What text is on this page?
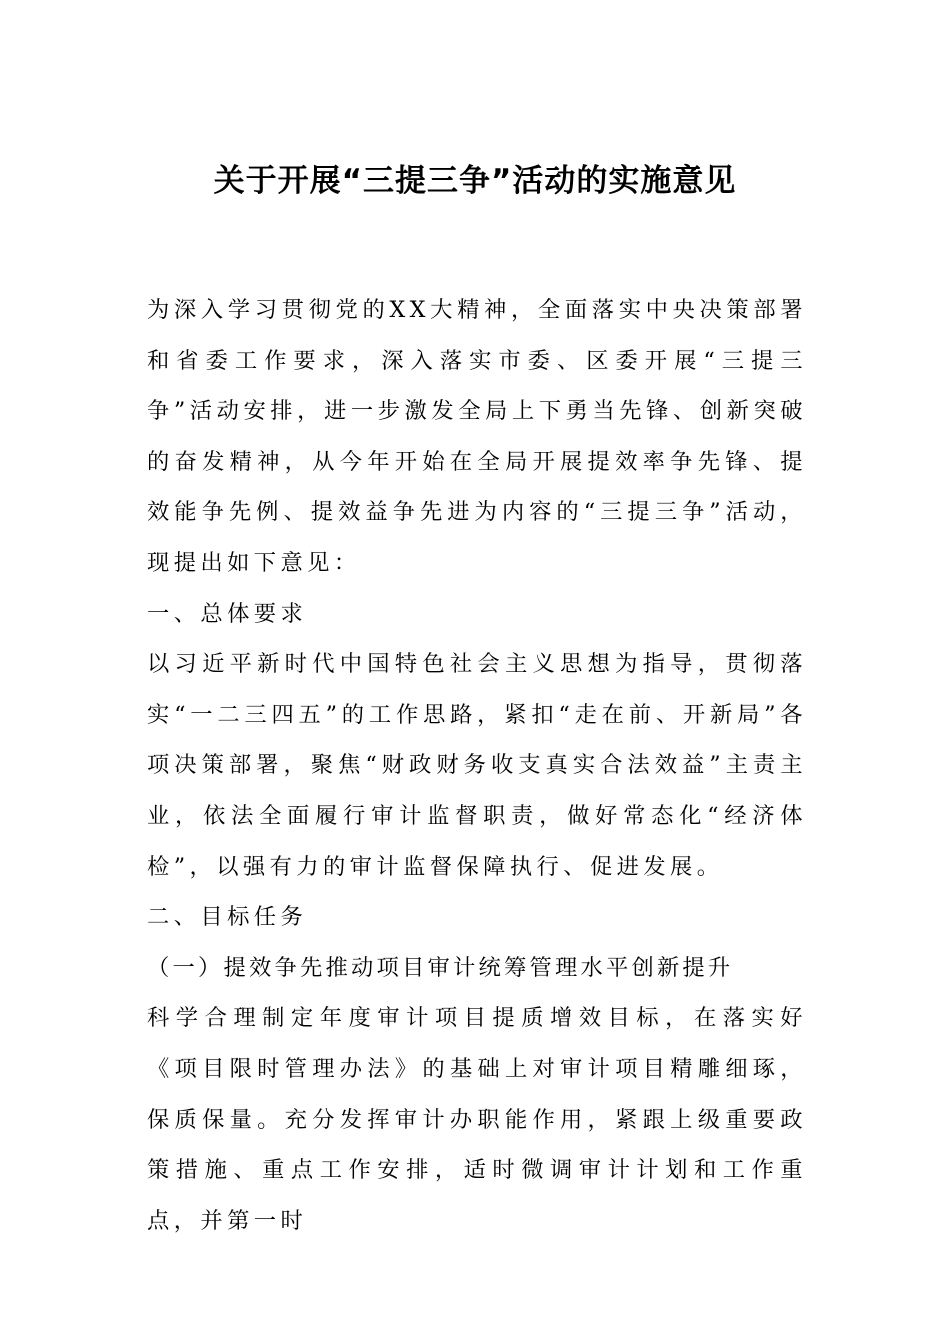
关于开展“三提三争”活动的实施意见

为深入学习贯彻党的XX大精神，全面落实中央决策部署和省委工作要求，深入落实市委、区委开展“三提三争”活动安排，进一步激发全局上下勇当先锋、创新突破的奋发精神，从今年开始在全局开展提效率争先锋、提效能争先例、提效益争先进为内容的“三提三争”活动，现提出如下意见：

一、总体要求

以习近平新时代中国特色社会主义思想为指导，贯彻落实“一二三四五”的工作思路，紧扣“走在前、开新局”各项决策部署，聚焦“财政财务收支真实合法效益”主责主业，依法全面履行审计监督职责，做好常态化“经济体检”，以强有力的审计监督保障执行、促进发展。

二、目标任务

（一）提效争先推动项目审计统筹管理水平创新提升

科学合理制定年度审计项目提质增效目标，在落实好《项目限时管理办法》的基础上对审计项目精雕细琢，保质保量。充分发挥审计办职能作用，紧跟上级重要政策措施、重点工作安排，适时微调审计计划和工作重点，并第一时
